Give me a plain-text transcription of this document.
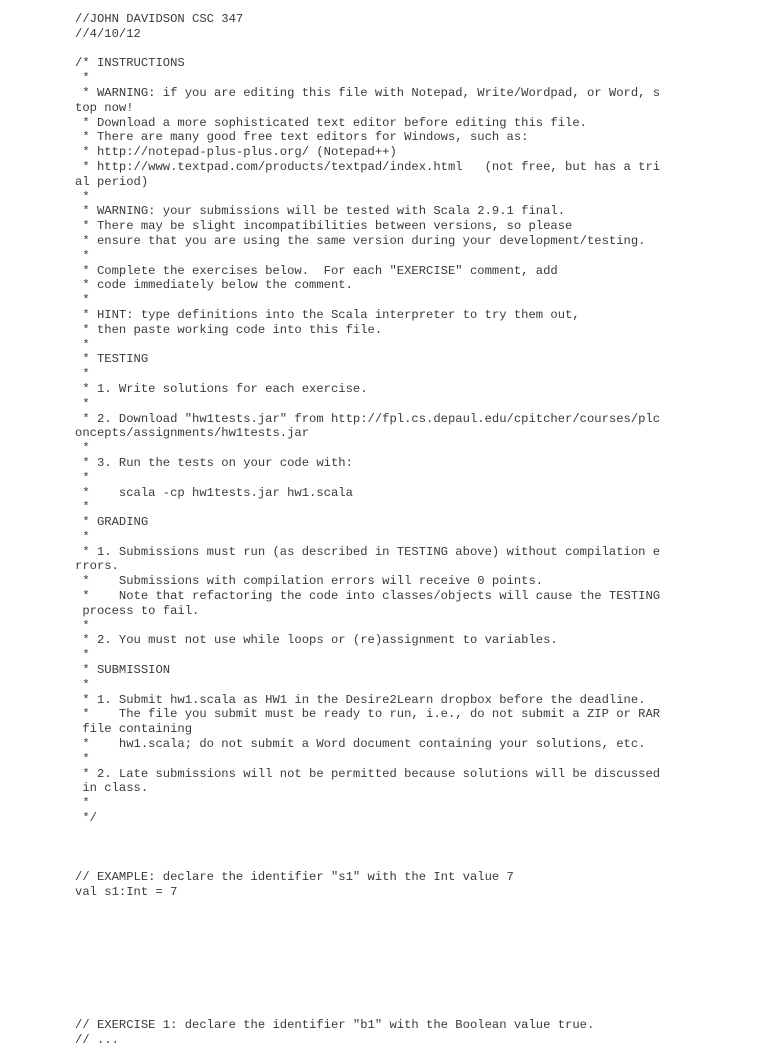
//JOHN DAVIDSON CSC 347
//4/10/12
/* INSTRUCTIONS
*
* WARNING: if you are editing this file with Notepad, Write/Wordpad, or Word, s
top now!
* Download a more sophisticated text editor before editing this file.
* There are many good free text editors for Windows, such as:
* http://notepad-plus-plus.org/ (Notepad++)
* http://www.textpad.com/products/textpad/index.html   (not free, but has a tri
al period)
*
* WARNING: your submissions will be tested with Scala 2.9.1 final.
* There may be slight incompatibilities between versions, so please
* ensure that you are using the same version during your development/testing.
*
* Complete the exercises below.  For each "EXERCISE" comment, add
* code immediately below the comment.
*
* HINT: type definitions into the Scala interpreter to try them out,
* then paste working code into this file.
*
* TESTING
*
* 1. Write solutions for each exercise.
*
* 2. Download "hw1tests.jar" from http://fpl.cs.depaul.edu/cpitcher/courses/plc
oncepts/assignments/hw1tests.jar
*
* 3. Run the tests on your code with:
*
*    scala -cp hw1tests.jar hw1.scala
*
* GRADING
*
* 1. Submissions must run (as described in TESTING above) without compilation e
rrors.
*    Submissions with compilation errors will receive 0 points.
*    Note that refactoring the code into classes/objects will cause the TESTING
process to fail.
*
* 2. You must not use while loops or (re)assignment to variables.
*
* SUBMISSION
*
* 1. Submit hw1.scala as HW1 in the Desire2Learn dropbox before the deadline.
*    The file you submit must be ready to run, i.e., do not submit a ZIP or RAR
file containing
*    hw1.scala; do not submit a Word document containing your solutions, etc.
*
* 2. Late submissions will not be permitted because solutions will be discussed
in class.
*
*/
// EXAMPLE: declare the identifier "s1" with the Int value 7
val s1:Int = 7
// EXERCISE 1: declare the identifier "b1" with the Boolean value true.
// ...
